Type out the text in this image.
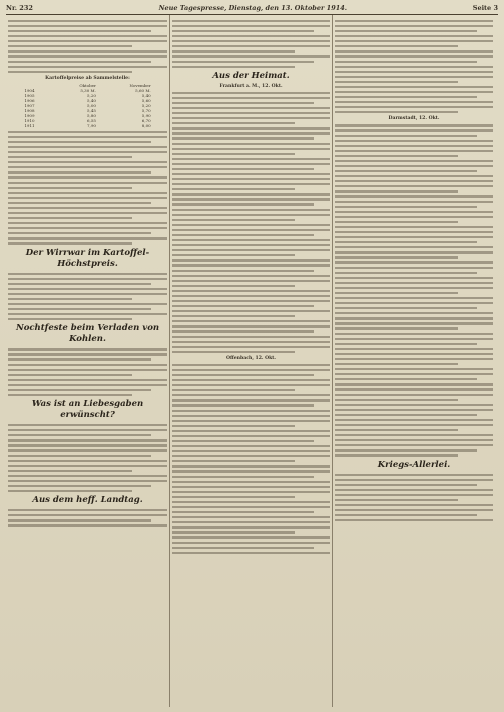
Nr. 232	Neue Tagespresse, Dienstag, den 13. Oktober 1914.	Seite 3
Kartoffelpreise ab Sammelstelle:
	Oktober	November
1904	5,30 M.	5,60 M.
1905	5,20	5,40
1906	5,40	5,60
1907	5,00	5,20
1908	5,45	5,70
1909	5,80	5,90
1910	6,55	6,70
1911	7,90	8,00
Der Wirrwar im Kartoffel-Höchstpreis.
Nochtfeste beim Verladen von Kohlen.
Was ist an Liebesgaben erwünscht?
Aus dem heff. Landtag.
Aus der Heimat.
Frankfurt a. M., 12. Okt.
Offenbach, 12. Okt.
Darmstadt, 12. Okt.
Kriegs-Allerlei.
